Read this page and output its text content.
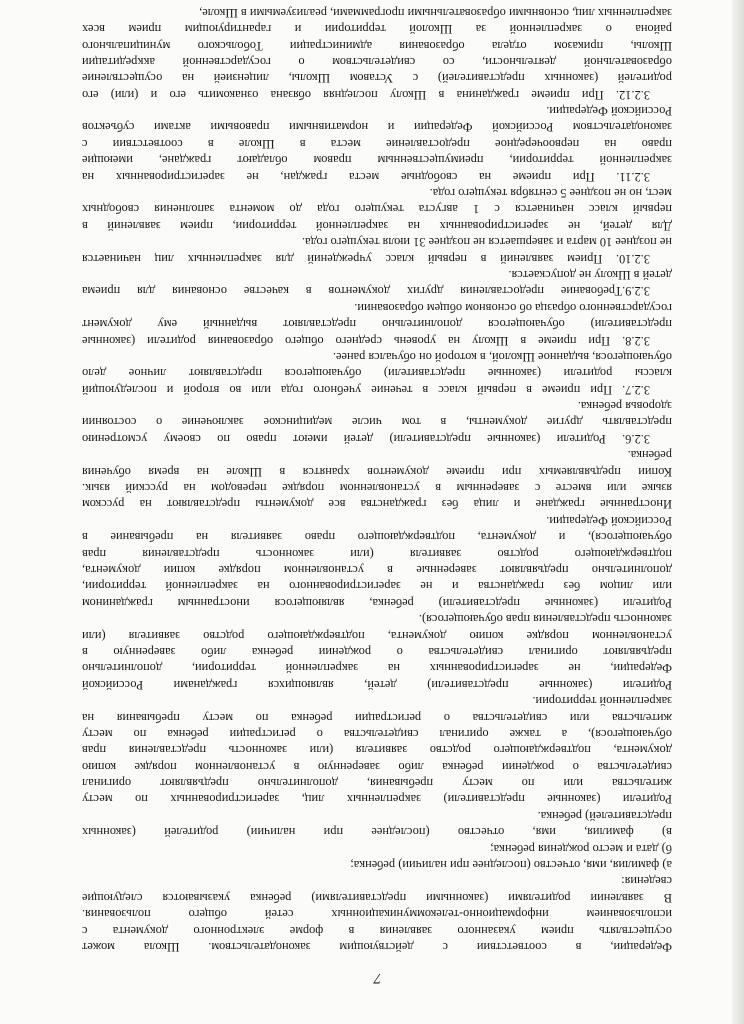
7
Федерации, в соответствии с действующим законодательством. Школа может
осуществлять прием указанного заявления в форме электронного документа с
использованием информационно-телекоммуникационных сетей общего пользования.
В заявлении родителями (законными представителями) ребенка указываются следующие
сведения:
а) фамилия, имя, отчество (последнее при наличии) ребенка;
б) дата и место рождения ребенка;
в) фамилия, имя, отчество (последнее при наличии) родителей (законных
представителей) ребенка.
Родители (законные представители) закрепленных лиц, зарегистрированных по месту
жительства или по месту пребывания, дополнительно предъявляют оригинал
свидетельства о рождении ребенка либо заверенную в установленном порядке копию
документа, подтверждающего родство заявителя (или законность представления прав
обучающегося), а также оригинал свидетельства о регистрации ребенка по месту
жительства или свидетельства о регистрации ребенка по месту пребывания на
закрепленной территории.
Родители (законные представители) детей, являющихся гражданами Российской
Федерации, не зарегистрированных на закрепленной территории, дополнительно
предъявляют оригинал свидетельства о рождении ребенка либо заверенную в
установленном порядке копию документа, подтверждающего родство заявителя (или
законность представления прав обучающегося).
Родители (законные представители) ребенка, являющегося иностранным гражданином
или лицом без гражданства и не зарегистрированного на закрепленной территории,
дополнительно предъявляют заверенные в установленном порядке копии документа,
подтверждающего родство заявителя (или законность представления прав
обучающегося), и документа, подтверждающего право заявителя на пребывание в
Российской Федерации.
Иностранные граждане и лица без гражданства все документы представляют на русском
языке или вместе с заверенным в установленном порядке переводом на русский язык.
Копии предъявляемых при приеме документов хранятся в Школе на время обучения
ребенка.
3.2.6. Родители (законные представители) детей имеют право по своему усмотрению
представлять другие документы, в том числе медицинское заключение о состоянии
здоровья ребенка.
3.2.7. При приеме в первый класс в течение учебного года или во второй и последующий
классы родители (законные представители) обучающегося представляют личное дело
обучающегося, выданное Школой, в которой он обучался ранее.
3.2.8. При приеме в Школу на уровень среднего общего образования родители (законные
представители) обучающегося дополнительно представляют выданный ему документ
государственного образца об основном общем образовании.
3.2.9.Требование предоставления других документов в качестве основания для приема
детей в Школу не допускается.
3.2.10. Прием заявлений в первый класс учреждений для закрепленных лиц начинается
не позднее 10 марта и завершается не позднее 31 июля текущего года.
Для детей, не зарегистрированных на закрепленной территории, прием заявлений в
первый класс начинается с 1 августа текущего года до момента заполнения свободных
мест, но не позднее 5 сентября текущего года.
3.2.11. При приеме на свободные места граждан, не зарегистрированных на
закрепленной территории, преимущественным правом обладают граждане, имеющие
право на первоочередное предоставление места в Школе в соответствии с
законодательством Российской Федерации и нормативными правовыми актами субъектов
Российской Федерации.
3.2.12. При приеме гражданина в Школу последняя обязана ознакомить его и (или) его
родителей (законных представителей) с Уставом Школы, лицензией на осуществление
образовательной деятельности, со свидетельством о государственной аккредитации
Школы, приказом отдела образования администрации Тобольского муниципального
района о закрепленной за Школой территории и гарантирующим прием всех
закрепленных лиц, основными образовательными программами, реализуемыми в Школе,
